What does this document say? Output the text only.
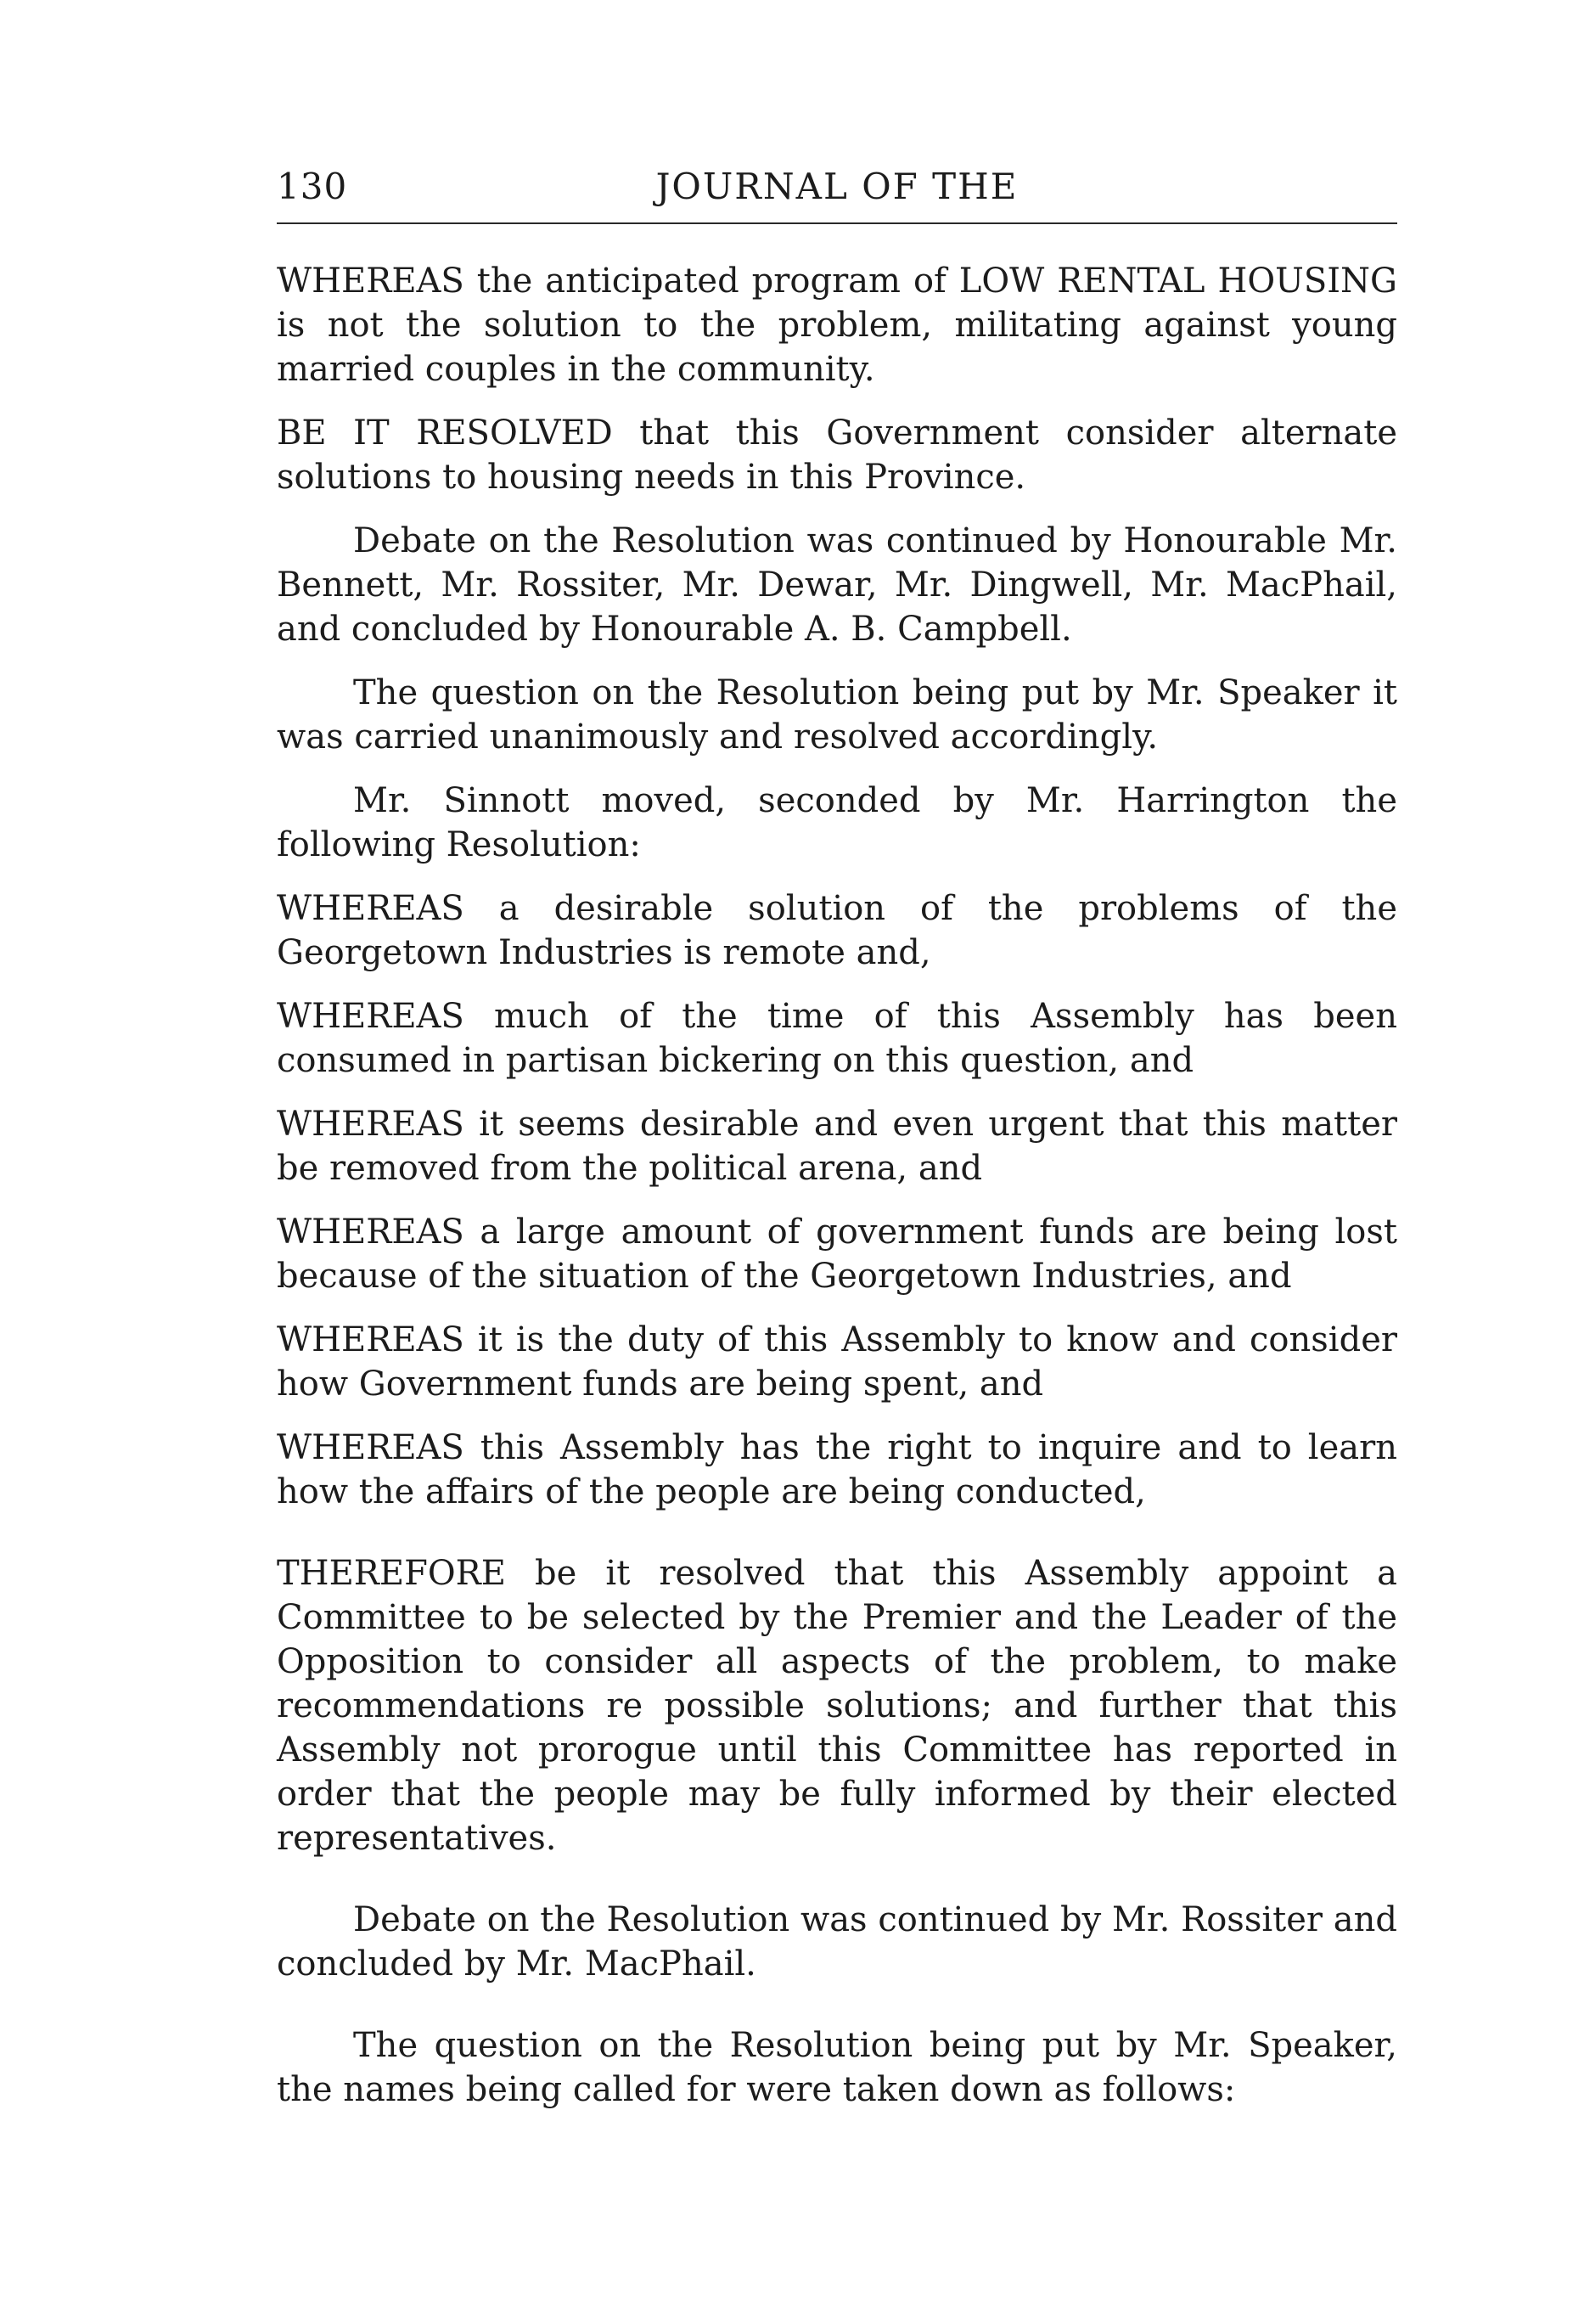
130	JOURNAL OF THE

WHEREAS the anticipated program of LOW RENTAL HOUSING is not the solution to the problem, militating against young married couples in the community.

BE IT RESOLVED that this Government consider alternate solutions to housing needs in this Province.

Debate on the Resolution was continued by Honourable Mr. Bennett, Mr. Rossiter, Mr. Dewar, Mr. Dingwell, Mr. MacPhail, and concluded by Honourable A. B. Campbell.

The question on the Resolution being put by Mr. Speaker it was carried unanimously and resolved accordingly.

Mr. Sinnott moved, seconded by Mr. Harrington the following Resolution:

WHEREAS a desirable solution of the problems of the Georgetown Industries is remote and,

WHEREAS much of the time of this Assembly has been consumed in partisan bickering on this question, and

WHEREAS it seems desirable and even urgent that this matter be removed from the political arena, and

WHEREAS a large amount of government funds are being lost because of the situation of the Georgetown Industries, and

WHEREAS it is the duty of this Assembly to know and consider how Government funds are being spent, and

WHEREAS this Assembly has the right to inquire and to learn how the affairs of the people are being conducted,

THEREFORE be it resolved that this Assembly appoint a Committee to be selected by the Premier and the Leader of the Opposition to consider all aspects of the problem, to make recommendations re possible solutions; and further that this Assembly not prorogue until this Committee has reported in order that the people may be fully informed by their elected representatives.

Debate on the Resolution was continued by Mr. Rossiter and concluded by Mr. MacPhail.

The question on the Resolution being put by Mr. Speaker, the names being called for were taken down as follows:
